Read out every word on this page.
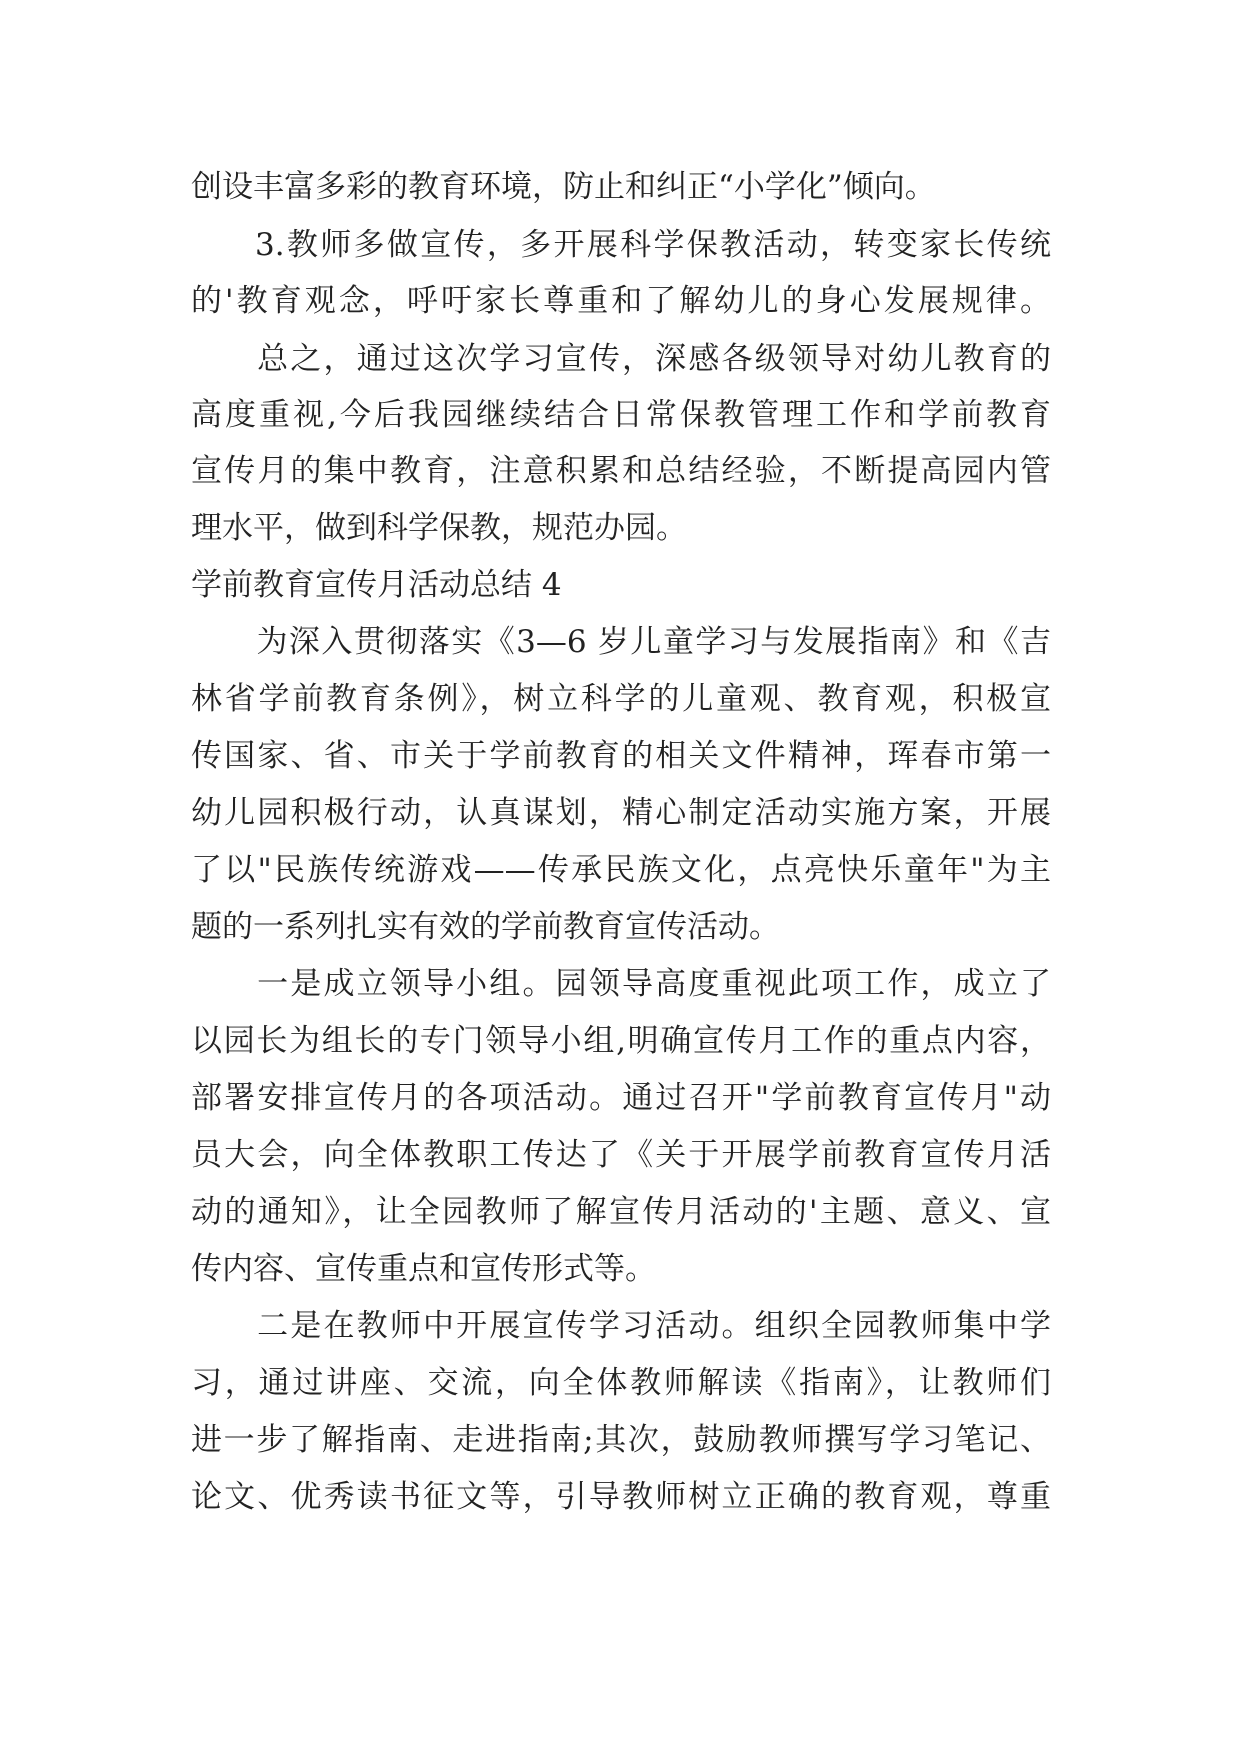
创设丰富多彩的教育环境，防止和纠正“小学化”倾向。
3.教师多做宣传，多开展科学保教活动，转变家长传统
的'教育观念，呼吁家长尊重和了解幼儿的身心发展规律。
总之，通过这次学习宣传，深感各级领导对幼儿教育的
高度重视,今后我园继续结合日常保教管理工作和学前教育
宣传月的集中教育，注意积累和总结经验，不断提高园内管
理水平，做到科学保教，规范办园。
学前教育宣传月活动总结 4
为深入贯彻落实《3—6 岁儿童学习与发展指南》和《吉
林省学前教育条例》，树立科学的儿童观、教育观，积极宣
传国家、省、市关于学前教育的相关文件精神，珲春市第一
幼儿园积极行动，认真谋划，精心制定活动实施方案，开展
了以"民族传统游戏——传承民族文化，点亮快乐童年"为主
题的一系列扎实有效的学前教育宣传活动。
一是成立领导小组。园领导高度重视此项工作，成立了
以园长为组长的专门领导小组,明确宣传月工作的重点内容，
部署安排宣传月的各项活动。通过召开"学前教育宣传月"动
员大会，向全体教职工传达了《关于开展学前教育宣传月活
动的通知》，让全园教师了解宣传月活动的'主题、意义、宣
传内容、宣传重点和宣传形式等。
二是在教师中开展宣传学习活动。组织全园教师集中学
习，通过讲座、交流，向全体教师解读《指南》，让教师们
进一步了解指南、走进指南;其次，鼓励教师撰写学习笔记、
论文、优秀读书征文等，引导教师树立正确的教育观，尊重
